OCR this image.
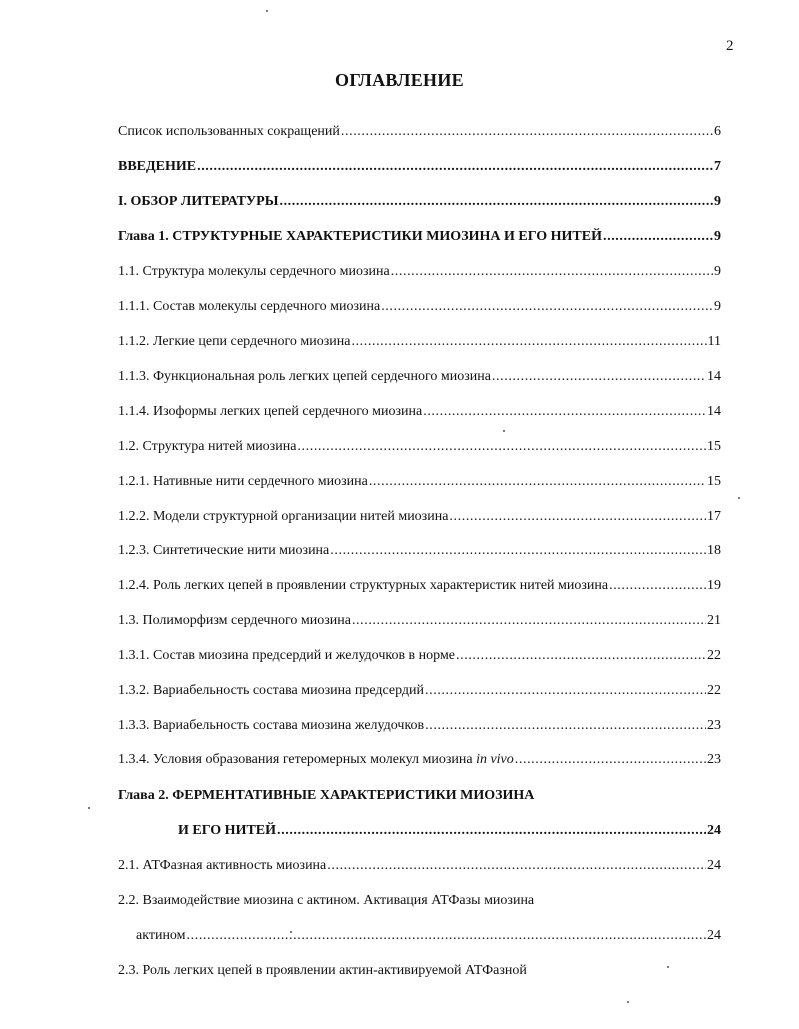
2
ОГЛАВЛЕНИЕ
Список использованных сокращений .....	6
ВВЕДЕНИЕ .....	7
I. ОБЗОР ЛИТЕРАТУРЫ .....	9
Глава 1. СТРУКТУРНЫЕ ХАРАКТЕРИСТИКИ МИОЗИНА И ЕГО НИТЕЙ .....	9
1.1. Структура молекулы сердечного миозина .....	9
1.1.1. Состав молекулы сердечного миозина .....	9
1.1.2. Легкие цепи сердечного миозина .....	11
1.1.3. Функциональная роль легких цепей сердечного миозина .....	14
1.1.4. Изоформы легких цепей сердечного миозина .....	14
1.2. Структура нитей миозина .....	15
1.2.1. Нативные нити сердечного миозина .....	15
1.2.2. Модели структурной организации нитей миозина .....	17
1.2.3. Синтетические нити миозина .....	18
1.2.4. Роль легких цепей в проявлении структурных характеристик нитей миозина .....	19
1.3. Полиморфизм сердечного миозина .....	21
1.3.1. Состав миозина предсердий и желудочков в норме .....	22
1.3.2. Вариабельность состава миозина предсердий .....	22
1.3.3. Вариабельность состава миозина желудочков .....	23
1.3.4. Условия образования гетеромерных молекул миозина in vivo .....	23
Глава 2. ФЕРМЕНТАТИВНЫЕ ХАРАКТЕРИСТИКИ МИОЗИНА
И ЕГО НИТЕЙ .....	24
2.1. АТФазная активность миозина .....	24
2.2. Взаимодействие миозина с актином. Активация АТФазы миозина
актином .....	24
2.3. Роль легких цепей в проявлении актин-активируемой АТФазной
